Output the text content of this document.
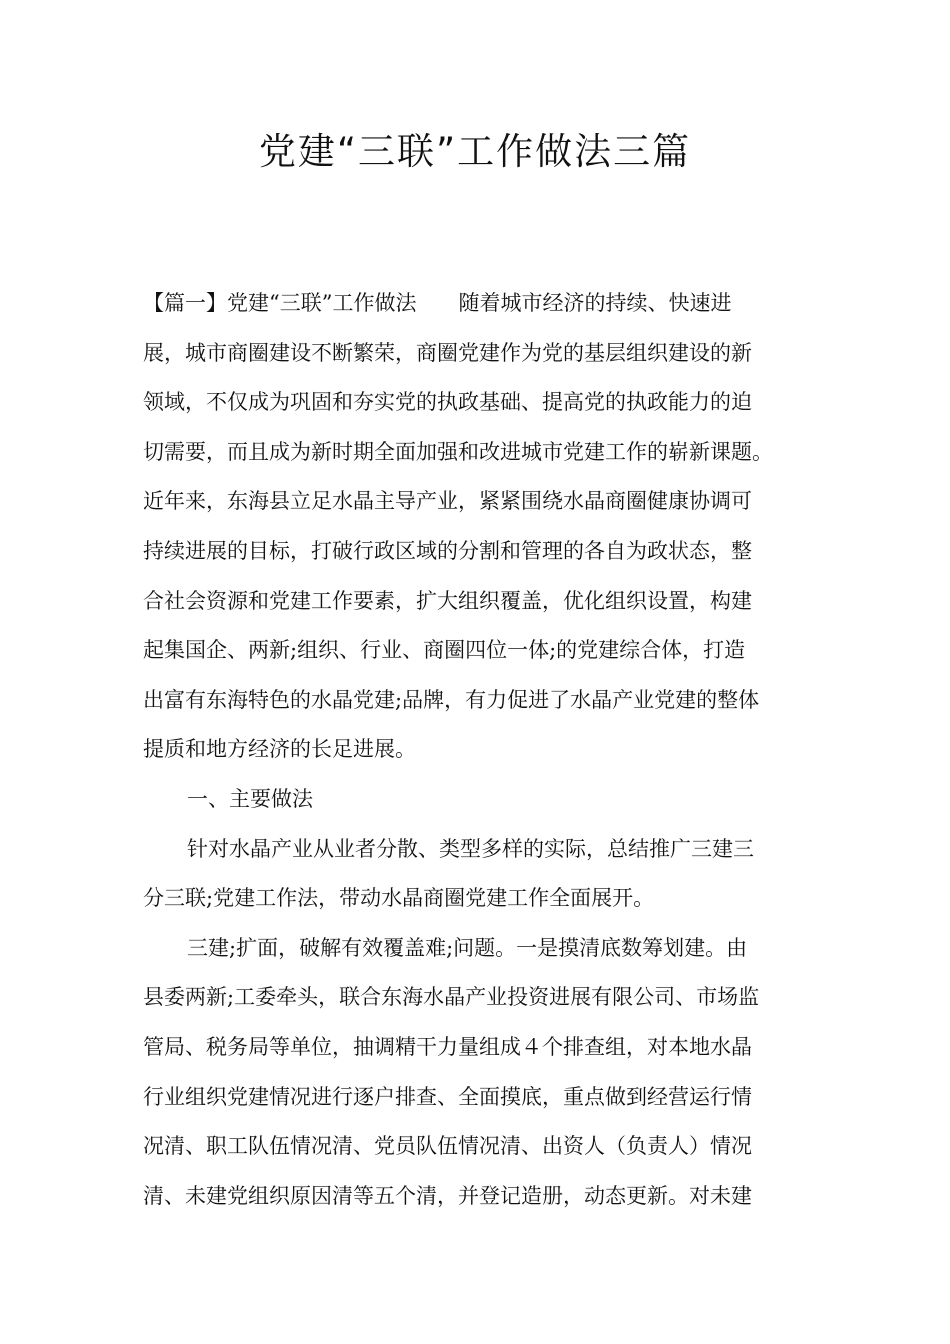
党建“三联”工作做法三篇
【篇一】党建“三联”工作做法　　随着城市经济的持续、快速进
展，城市商圈建设不断繁荣，商圈党建作为党的基层组织建设的新
领域，不仅成为巩固和夯实党的执政基础、提高党的执政能力的迫
切需要，而且成为新时期全面加强和改进城市党建工作的崭新课题。
近年来，东海县立足水晶主导产业，紧紧围绕水晶商圈健康协调可
持续进展的目标，打破行政区域的分割和管理的各自为政状态，整
合社会资源和党建工作要素，扩大组织覆盖，优化组织设置，构建
起集国企、两新;组织、行业、商圈四位一体;的党建综合体，打造
出富有东海特色的水晶党建;品牌，有力促进了水晶产业党建的整体
提质和地方经济的长足进展。
一、主要做法
针对水晶产业从业者分散、类型多样的实际，总结推广三建三
分三联;党建工作法，带动水晶商圈党建工作全面展开。
三建;扩面，破解有效覆盖难;问题。一是摸清底数筹划建。由
县委两新;工委牵头，联合东海水晶产业投资进展有限公司、市场监
管局、税务局等单位，抽调精干力量组成４个排查组，对本地水晶
行业组织党建情况进行逐户排查、全面摸底，重点做到经营运行情
况清、职工队伍情况清、党员队伍情况清、出资人（负责人）情况
清、未建党组织原因清等五个清，并登记造册，动态更新。对未建
